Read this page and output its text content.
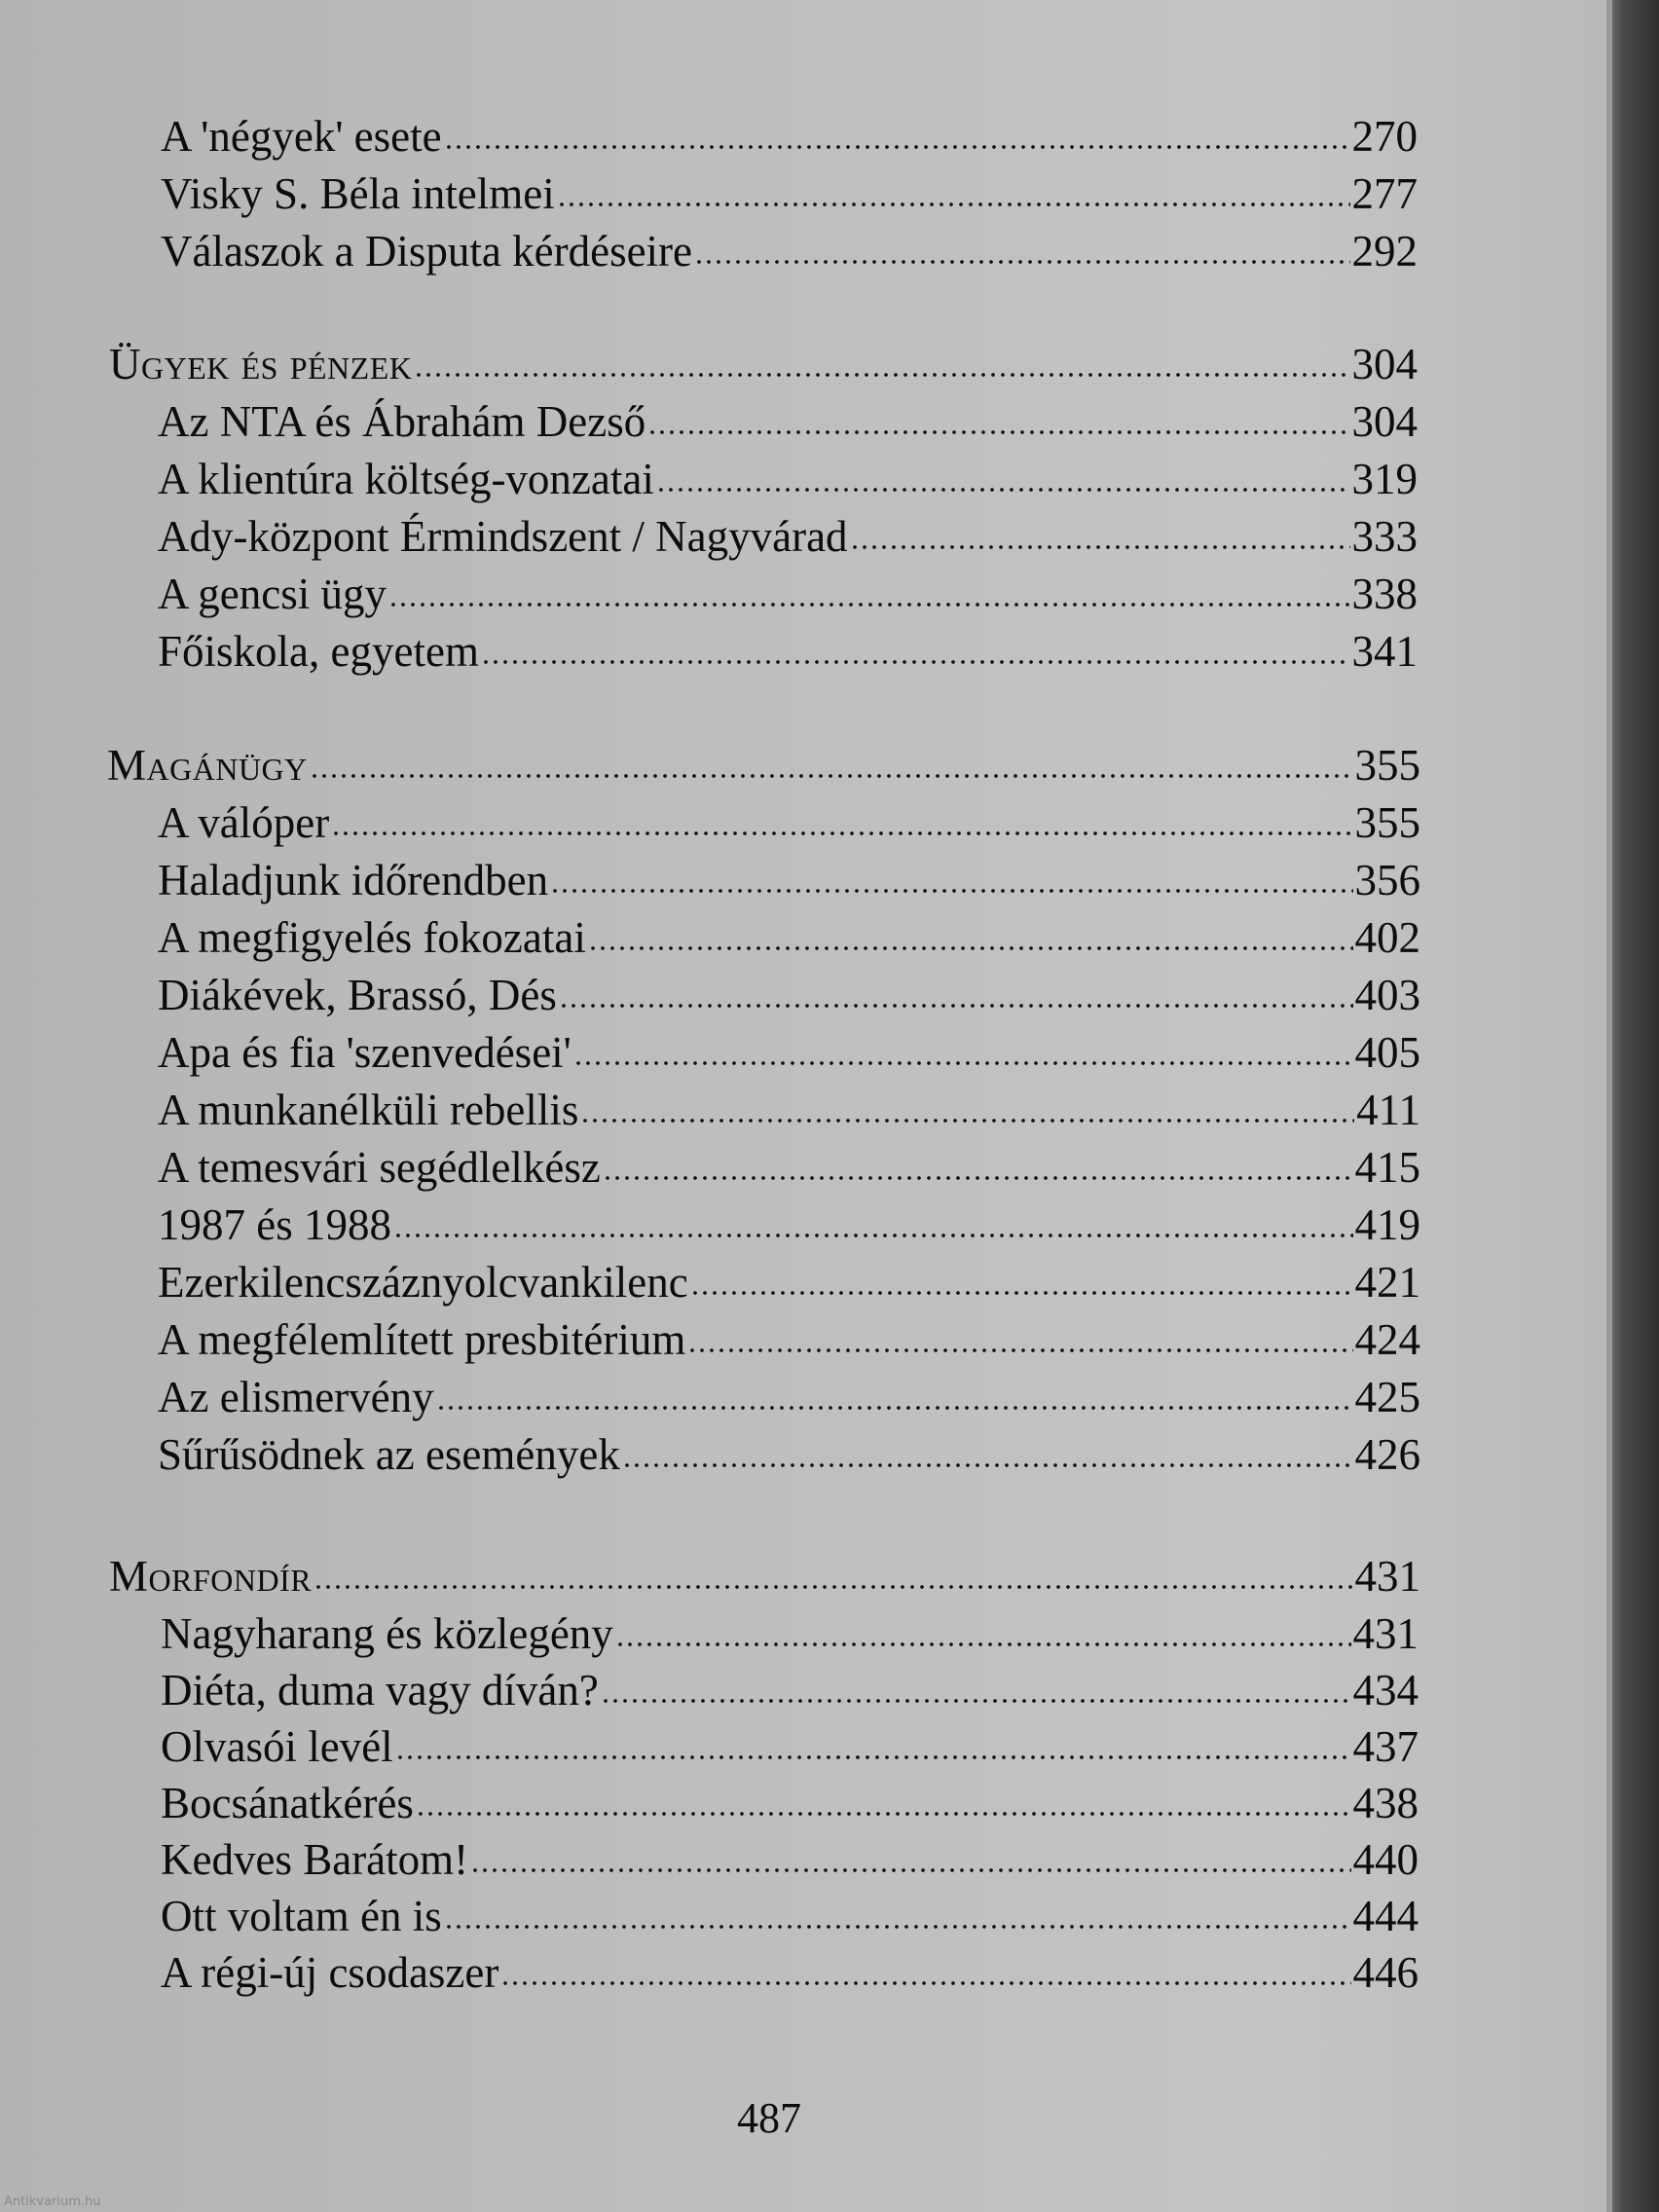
A 'négyek' esete	270
Visky S. Béla intelmei	277
Válaszok a Disputa kérdéseire	292
Ügyek és pénzek	304
Az NTA és Ábrahám Dezső	304
A klientúra költség-vonzatai	319
Ady-központ Érmindszent / Nagyvárad	333
A gencsi ügy	338
Főiskola, egyetem	341
Magánügy	355
A válóper	355
Haladjunk időrendben	356
A megfigyelés fokozatai	402
Diákévek, Brassó, Dés	403
Apa és fia 'szenvedései'	405
A munkanélküli rebellis	411
A temesvári segédlelkész	415
1987 és 1988	419
Ezerkilencszáznyolcvankilenc	421
A megfélemlített presbitérium	424
Az elismervény	425
Sűrűsödnek az események	426
Morfondír	431
Nagyharang és közlegény	431
Diéta, duma vagy díván?	434
Olvasói levél	437
Bocsánatkérés	438
Kedves Barátom!	440
Ott voltam én is	444
A régi-új csodaszer	446
487
Antikvarium.hu
